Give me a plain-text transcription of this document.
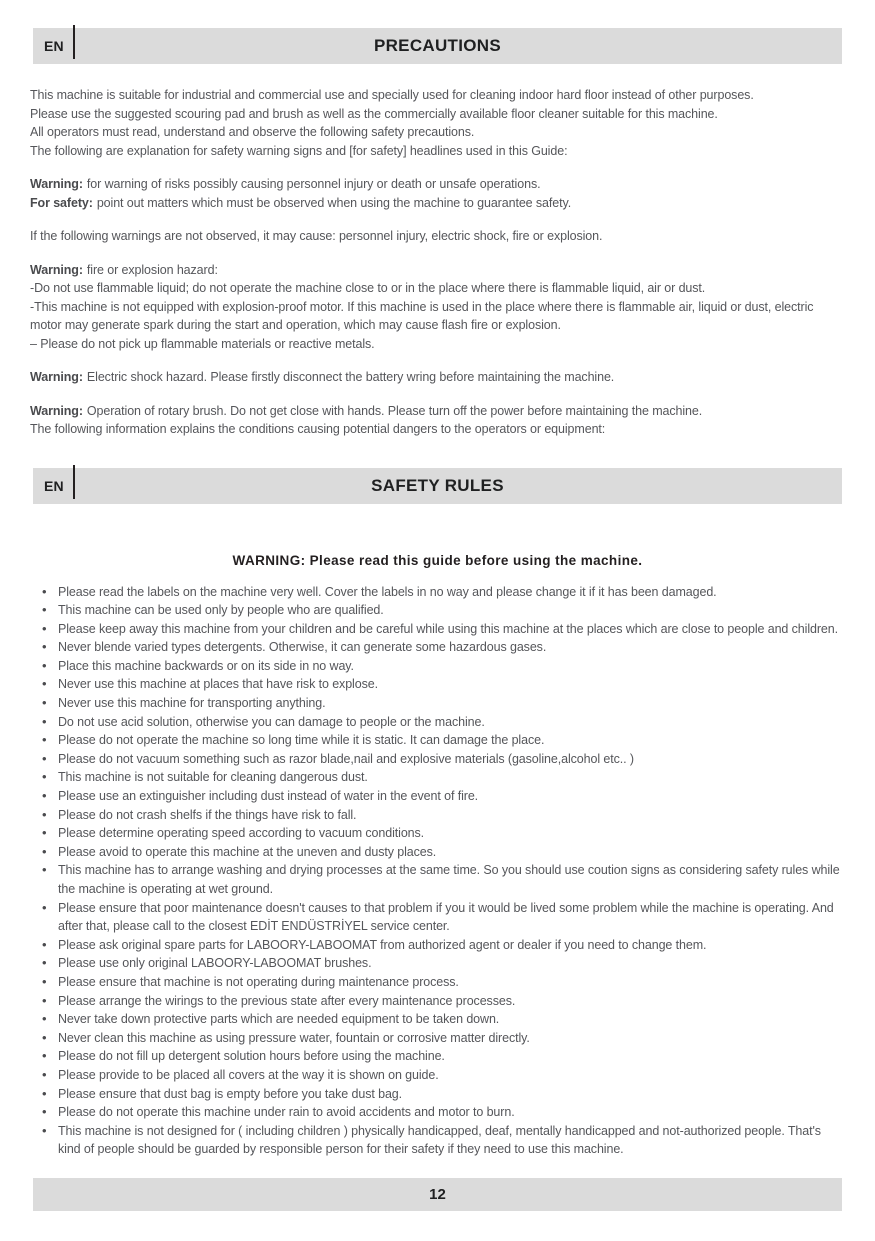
EN	PRECAUTIONS

This machine is suitable for industrial and commercial use and specially used for cleaning indoor hard floor instead of other purposes.
Please use the suggested scouring pad and brush as well as the commercially available floor cleaner suitable for this machine.
All operators must read, understand and observe the following safety precautions.
The following are explanation for safety warning signs and [for safety] headlines used in this Guide:

Warning: for warning of risks possibly causing personnel injury or death or unsafe operations.
For safety: point out matters which must be observed when using the machine to guarantee safety.

If the following warnings are not observed, it may cause: personnel injury, electric shock, fire or explosion.

Warning: fire or explosion hazard:
-Do not use flammable liquid; do not operate the machine close to or in the place where there is flammable liquid, air or dust.
-This machine is not equipped with explosion-proof motor. If this machine is used in the place where there is flammable air, liquid or dust, electric motor may generate spark during the start and operation, which may cause flash fire or explosion.
– Please do not pick up flammable materials or reactive metals.

Warning: Electric shock hazard. Please firstly disconnect the battery wring before maintaining the machine.

Warning: Operation of rotary brush. Do not get close with hands. Please turn off the power before maintaining the machine.
The following information explains the conditions causing potential dangers to the operators or equipment:

EN	SAFETY RULES
WARNING: Please read this guide before using the machine.
• Please read the labels on the machine very well. Cover the labels in no way and please change it if it has been damaged.
• This machine can be used only by people who are qualified.
• Please keep away this machine from your children and be careful while using this machine at the places which are close to people and children.
• Never blende varied types detergents. Otherwise, it can generate some hazardous gases.
• Place this machine backwards or on its side in no way.
• Never use this machine at places that have risk to explose.
• Never use this machine for transporting anything.
• Do not use acid solution, otherwise you can damage to people or the machine.
• Please do not operate the machine so long time while it is static. It can damage the place.
• Please do not vacuum something such as razor blade,nail and explosive materials (gasoline,alcohol etc.. )
• This machine is not suitable for cleaning dangerous dust.
• Please use an extinguisher including dust instead of water in the event of fire.
• Please do not crash shelfs if the things have risk to fall.
• Please determine operating speed according to vacuum conditions.
• Please avoid to operate this machine at the uneven and dusty places.
• This machine has to arrange washing and drying processes at the same time. So you should use coution signs as considering safety rules while the machine is operating at wet ground.
• Please ensure that poor maintenance doesn't causes to that problem if you it would be lived some problem while the machine is operating. And after that, please call to the closest EDİT ENDÜSTRİYEL service center.
• Please ask original spare parts for LABOORY-LABOOMAT from authorized agent or dealer if you need to change them.
• Please use only original LABOORY-LABOOMAT brushes.
• Please ensure that machine is not operating during maintenance process.
• Please arrange the wirings to the previous state after every maintenance processes.
• Never take down protective parts which are needed equipment to be taken down.
• Never clean this machine as using pressure water, fountain or corrosive matter directly.
• Please do not fill up detergent solution hours before using the machine.
• Please provide to be placed all covers at the way it is shown on guide.
• Please ensure that dust bag is empty before you take dust bag.
• Please do not operate this machine under rain to avoid accidents and motor to burn.
• This machine is not designed for ( including children ) physically handicapped, deaf, mentally handicapped and not-authorized people. That's kind of people should be guarded by responsible person for their safety if they need to use this machine.
12
